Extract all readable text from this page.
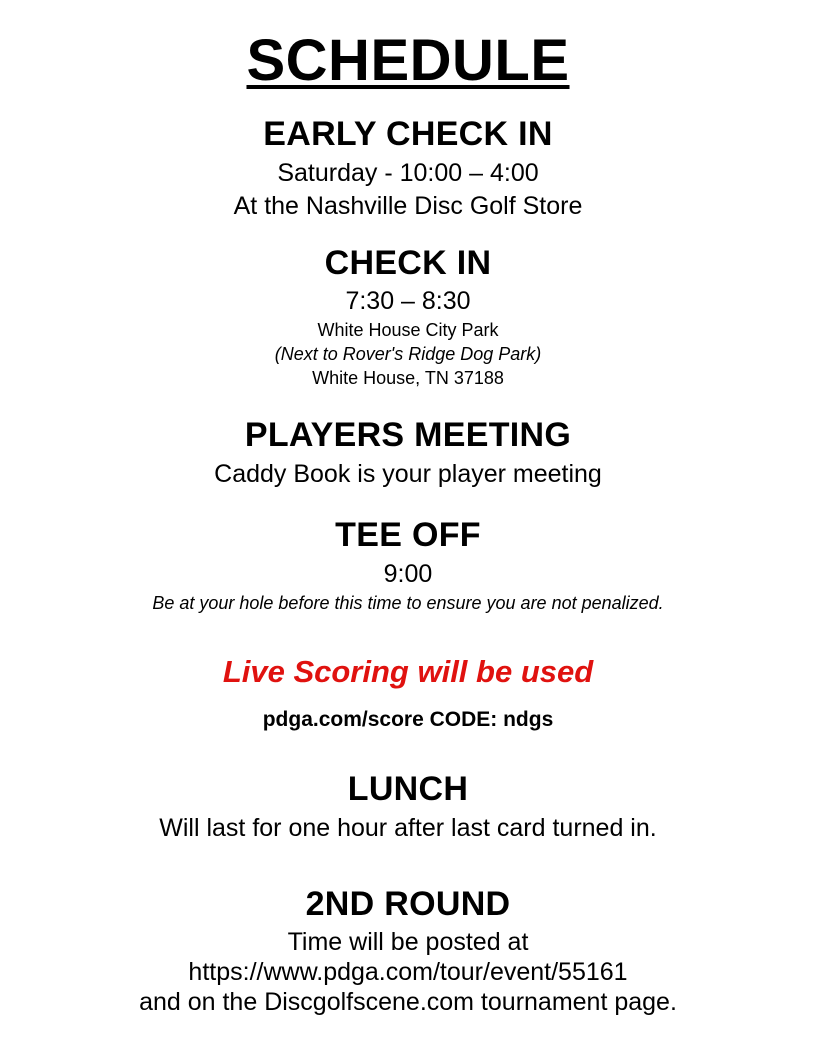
SCHEDULE
EARLY CHECK IN
Saturday - 10:00 – 4:00
At the Nashville Disc Golf Store
CHECK IN
7:30 – 8:30
White House City Park
(Next to Rover's Ridge Dog Park)
White House, TN 37188
PLAYERS MEETING
Caddy Book is your player meeting
TEE OFF
9:00
Be at your hole before this time to ensure you are not penalized.
Live Scoring will be used
pdga.com/score CODE: ndgs
LUNCH
Will last for one hour after last card turned in.
2ND ROUND
Time will be posted at
https://www.pdga.com/tour/event/55161
and on the Discgolfscene.com tournament page.
